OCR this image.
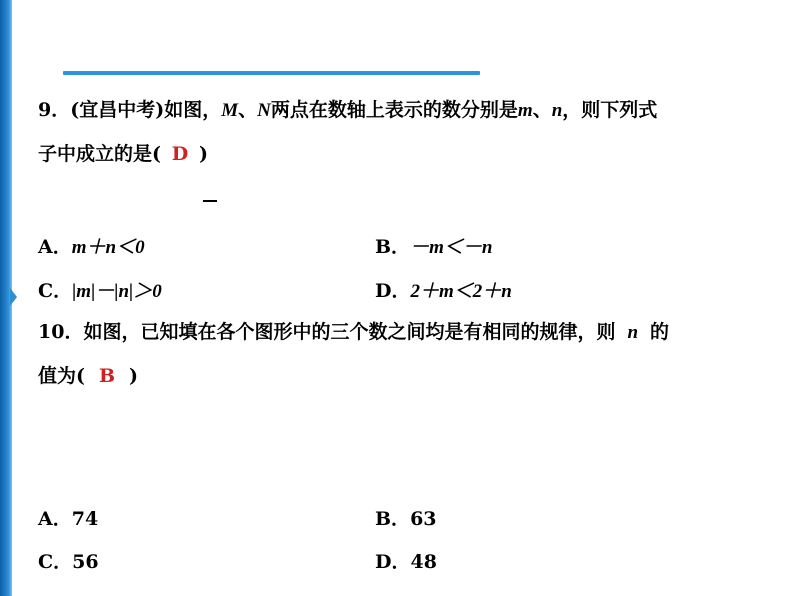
9．(宜昌中考)如图，M、N两点在数轴上表示的数分别是m、n，则下列式
子中成立的是( D )
A．m＋n＜0	B．－m＜－n
C．|m|－|n|＞0	D．2＋m＜2＋n
10．如图，已知填在各个图形中的三个数之间均是有相同的规律，则 n 的
值为( B )
A．74	B．63
C．56	D．48
